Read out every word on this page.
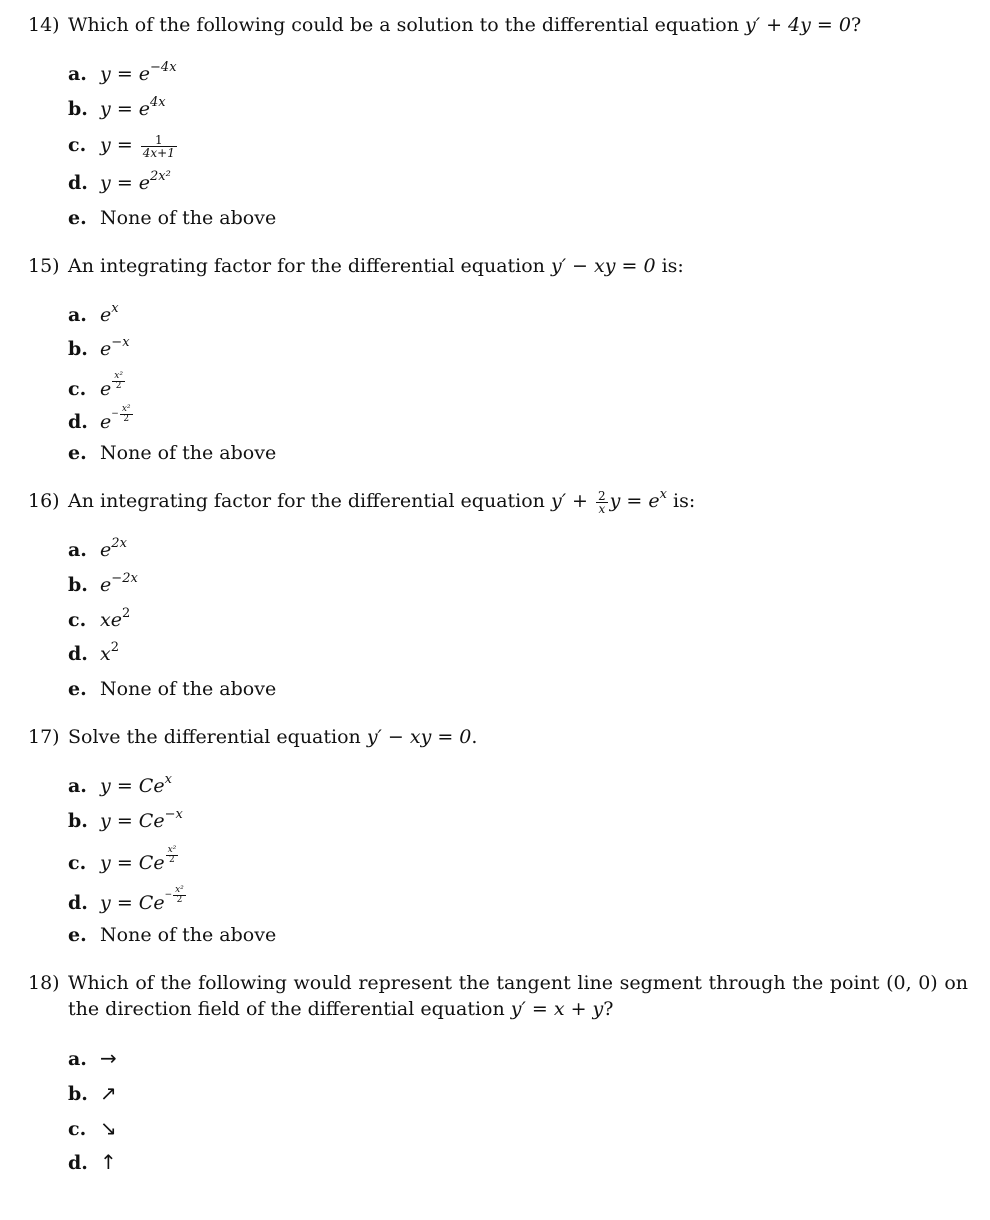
14) Which of the following could be a solution to the differential equation y′ + 4y = 0?
a. $y = e^{-4x}$
b. $y = e^{4x}$
c. $y = \frac{1}{4x+1}$
d. $y = e^{2x^2}$
e. None of the above
15) An integrating factor for the differential equation y′ − xy = 0 is:
a. $e^x$
b. $e^{-x}$
c. e $\frac{\text{x²}}{2}$
d. $e- \frac{\text{x²}}{2}$
e. None of the above
16) An integrating factor for the differential equation $y' + \frac{2}{x}$ $y = e^x$ is:
a. $e^{2x}$
b. $e^{-2x}$
c. $xe^2$
d. $x^2$
e. None of the above
17) Solve the differential equation y′ − xy = 0.
a. $y = Ce^x$
b. $y = Ce^{-x}$
c. y = Ce $\frac{\text{x²}}{2}$
d. $y = Ce- \frac{\text{x²}}{2}$
e. None of the above
18) Which of the following would represent the tangent line segment through the point (0, 0) on the direction field of the differential equation y′ = x + y?
a. →
b. ↗
c. ↘
d. ↑
